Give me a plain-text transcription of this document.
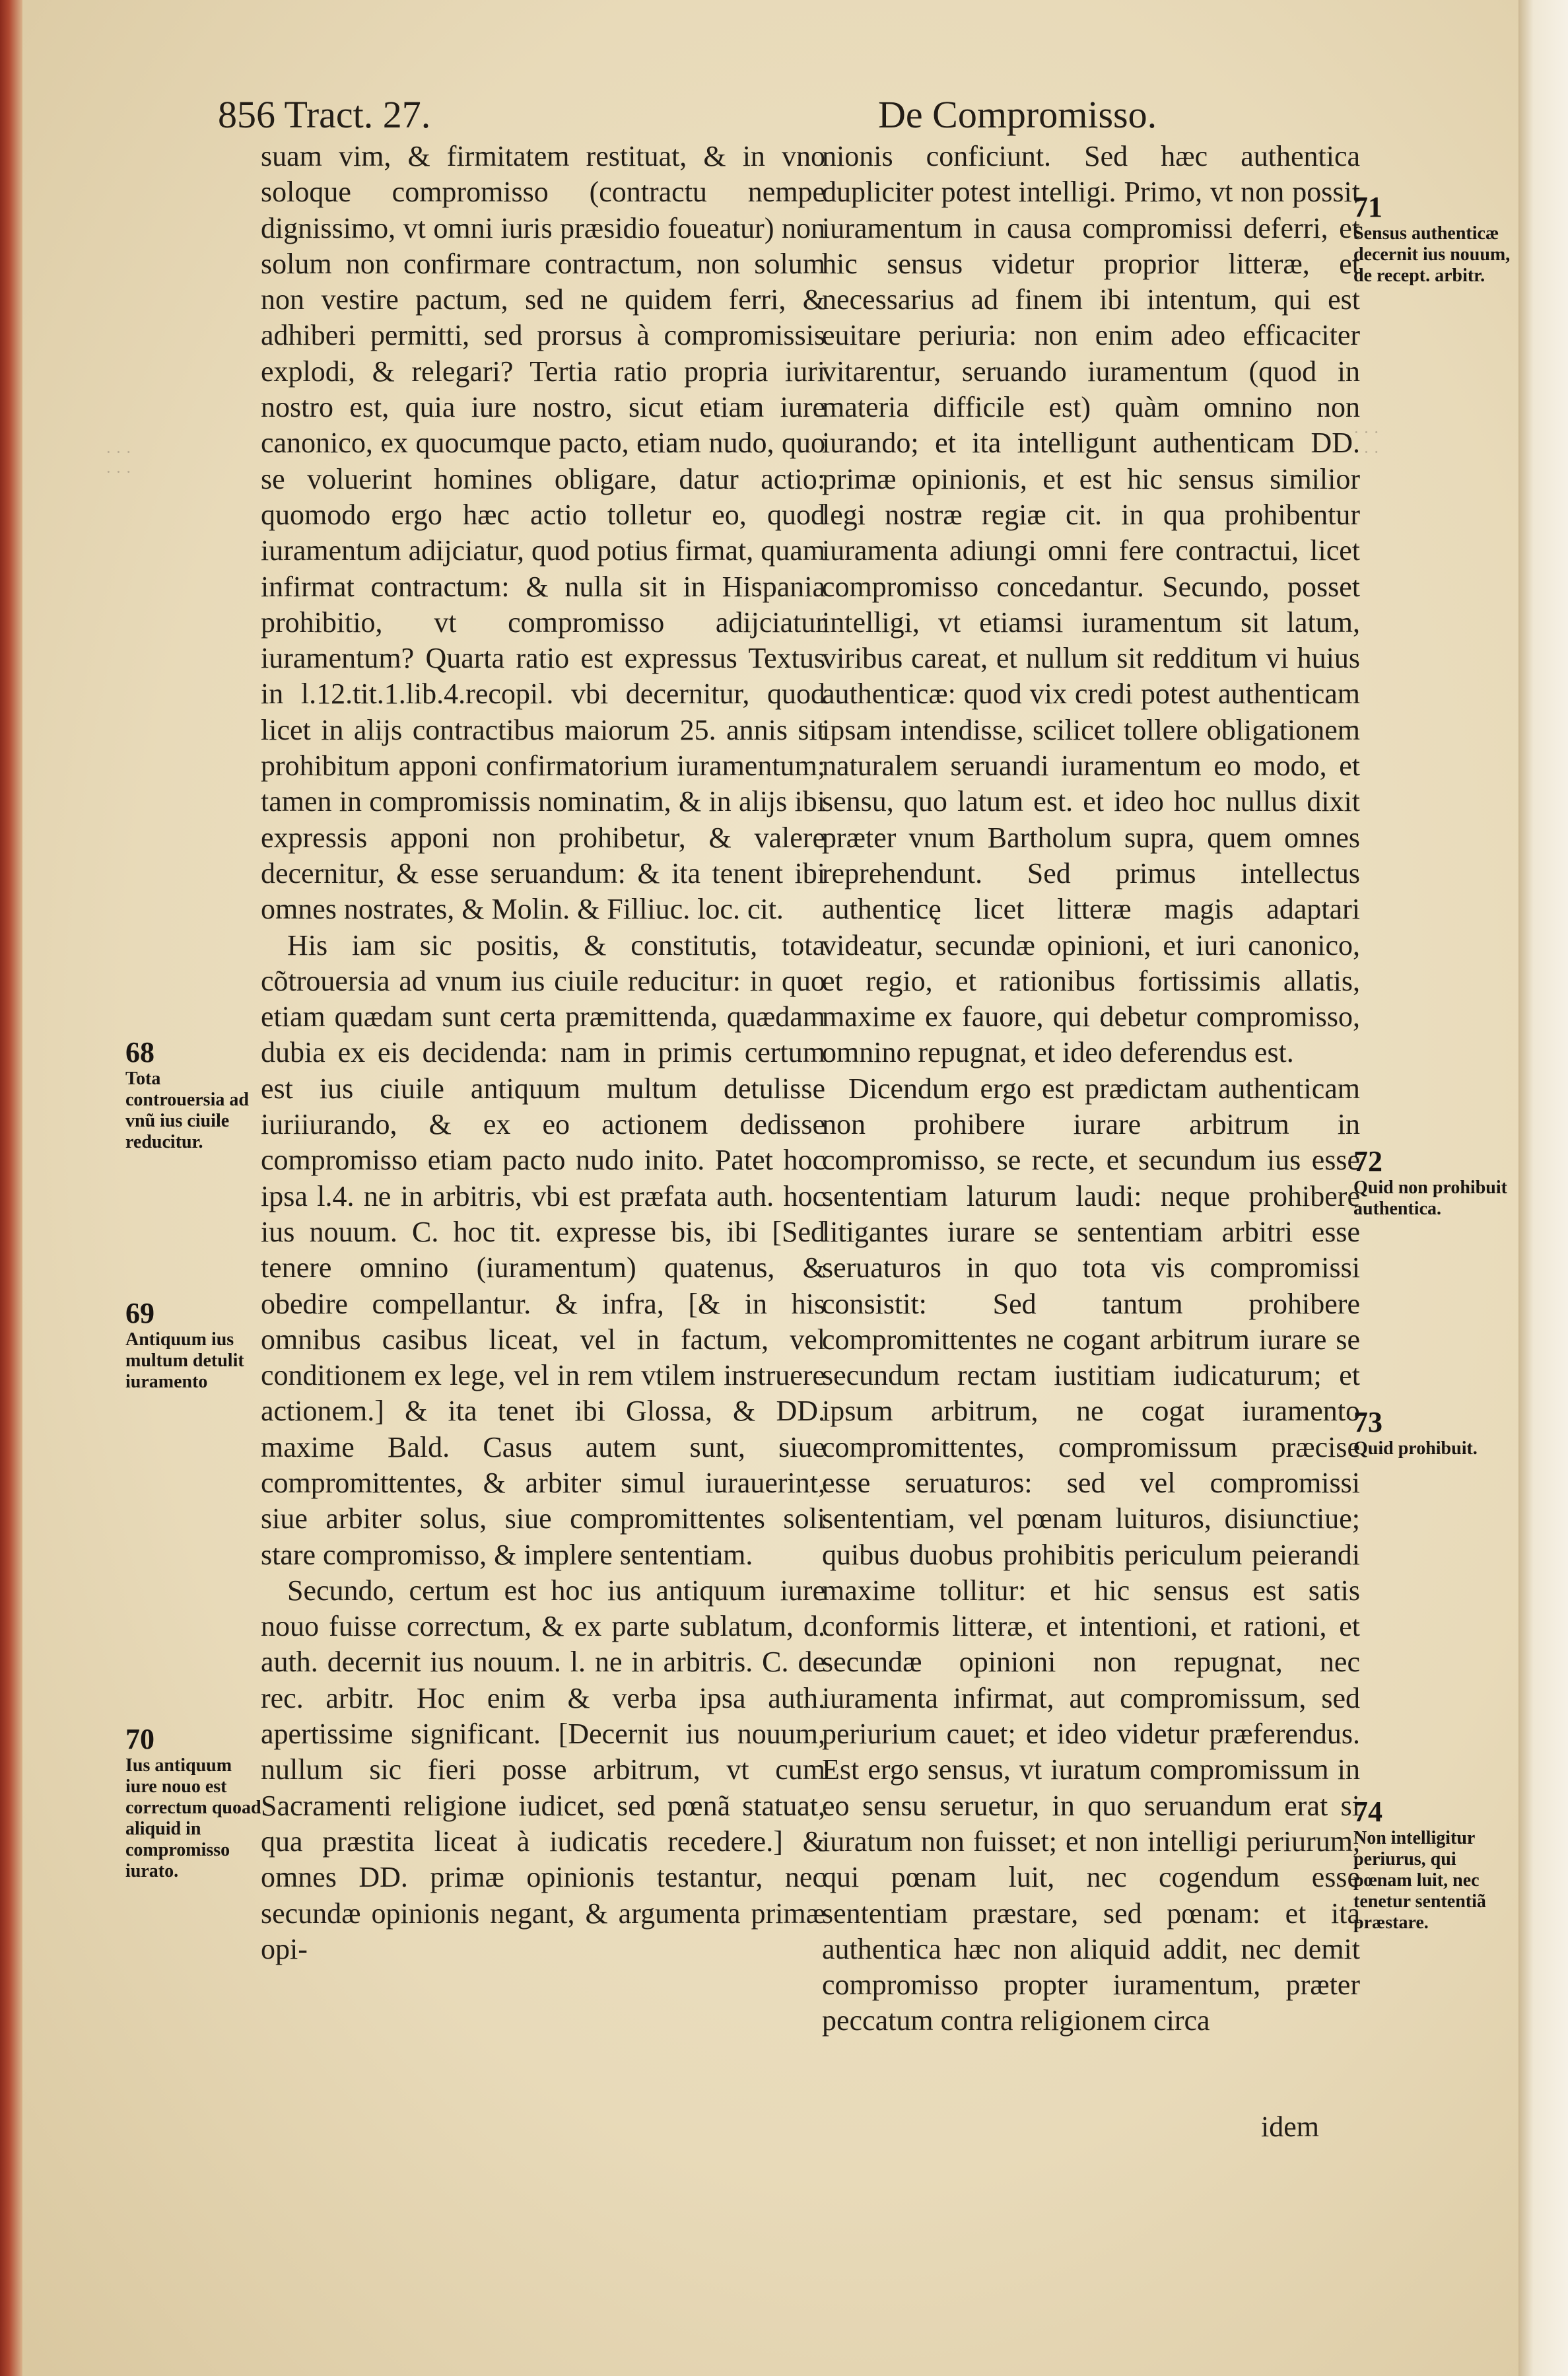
· · ·
· · ·
· · ·
· · ·
856 Tract. 27.	De Compromisso.

suam vim, & firmitatem restituat, & in vno soloque compromisso (contractu nempe dignissimo, vt omni iuris præsidio foueatur) non solum non confirmare contractum, non solum non vestire pactum, sed ne quidem ferri, & adhiberi permitti, sed prorsus à compromissis explodi, & relegari? Tertia ratio propria iuri nostro est, quia iure nostro, sicut etiam iure canonico, ex quocumque pacto, etiam nudo, quo se voluerint homines obligare, datur actio: quomodo ergo hæc actio tolletur eo, quod iuramentum adijciatur, quod potius firmat, quam infirmat contractum: & nulla sit in Hispania prohibitio, vt compromisso adijciatur iuramentum? Quarta ratio est expressus Textus in l.12.tit.1.lib.4.recopil. vbi decernitur, quod licet in alijs contractibus maiorum 25. annis sit prohibitum apponi confirmatorium iuramentum; tamen in compromissis nominatim, & in alijs ibi expressis apponi non prohibetur, & valere decernitur, & esse seruandum: & ita tenent ibi omnes nostrates, & Molin. & Filliuc. loc. cit.

His iam sic positis, & constitutis, tota cõtrouersia ad vnum ius ciuile reducitur: in quo etiam quædam sunt certa præmittenda, quædam dubia ex eis decidenda: nam in primis certum est ius ciuile antiquum multum detulisse iuriiurando, & ex eo actionem dedisse compromisso etiam pacto nudo inito. Patet hoc ipsa l.4. ne in arbitris, vbi est præfata auth. hoc ius nouum. C. hoc tit. expresse bis, ibi [Sed tenere omnino (iuramentum) quatenus, & obedire compellantur. & infra, [& in his omnibus casibus liceat, vel in factum, vel conditionem ex lege, vel in rem vtilem instruere actionem.] & ita tenet ibi Glossa, & DD. maxime Bald. Casus autem sunt, siue compromittentes, & arbiter simul iurauerint, siue arbiter solus, siue compromittentes soli stare compromisso, & implere sententiam.

Secundo, certum est hoc ius antiquum iure nouo fuisse correctum, & ex parte sublatum, d. auth. decernit ius nouum. l. ne in arbitris. C. de rec. arbitr. Hoc enim & verba ipsa auth. apertissime significant. [Decernit ius nouum, nullum sic fieri posse arbitrum, vt cum Sacramenti religione iudicet, sed pœnã statuat, qua præstita liceat à iudicatis recedere.] & omnes DD. primæ opinionis testantur, nec secundæ opinionis negant, & argumenta primæ opi-

nionis conficiunt. Sed hæc authentica dupliciter potest intelligi. Primo, vt non possit iuramentum in causa compromissi deferri, et hic sensus videtur proprior litteræ, et necessarius ad finem ibi intentum, qui est euitare periuria: non enim adeo efficaciter vitarentur, seruando iuramentum (quod in materia difficile est) quàm omnino non iurando; et ita intelligunt authenticam DD. primæ opinionis, et est hic sensus similior legi nostræ regiæ cit. in qua prohibentur iuramenta adiungi omni fere contractui, licet compromisso concedantur. Secundo, posset intelligi, vt etiamsi iuramentum sit latum, viribus careat, et nullum sit redditum vi huius authenticæ: quod vix credi potest authenticam ipsam intendisse, scilicet tollere obligationem naturalem seruandi iuramentum eo modo, et sensu, quo latum est. et ideo hoc nullus dixit præter vnum Bartholum supra, quem omnes reprehendunt. Sed primus intellectus authenticę licet litteræ magis adaptari videatur, secundæ opinioni, et iuri canonico, et regio, et rationibus fortissimis allatis, maxime ex fauore, qui debetur compromisso, omnino repugnat, et ideo deferendus est.

Dicendum ergo est prædictam authenticam non prohibere iurare arbitrum in compromisso, se recte, et secundum ius esse sententiam laturum laudi: neque prohibere litigantes iurare se sententiam arbitri esse seruaturos in quo tota vis compromissi consistit: Sed tantum prohibere compromittentes ne cogant arbitrum iurare se secundum rectam iustitiam iudicaturum; et ipsum arbitrum, ne cogat iuramento compromittentes, compromissum præcise esse seruaturos: sed vel compromissi sententiam, vel pœnam luituros, disiunctiue; quibus duobus prohibitis periculum peierandi maxime tollitur: et hic sensus est satis conformis litteræ, et intentioni, et rationi, et secundæ opinioni non repugnat, nec iuramenta infirmat, aut compromissum, sed periurium cauet; et ideo videtur præferendus. Est ergo sensus, vt iuratum compromissum in eo sensu seruetur, in quo seruandum erat si iuratum non fuisset; et non intelligi periurum, qui pœnam luit, nec cogendum esse sententiam præstare, sed pœnam: et ita authentica hæc non aliquid addit, nec demit compromisso propter iuramentum, præter peccatum contra religionem circa

idem
68
Tota controuersia ad vnũ ius ciuile reducitur.
69
Antiquum ius multum detulit iuramento
70
Ius antiquum iure nouo est correctum quoad aliquid in compromisso iurato.
71
Sensus authenticæ decernit ius nouum, de recept. arbitr.
72
Quid non prohibuit authentica.
73
Quid prohibuit.
74
Non intelligitur periurus, qui pœnam luit, nec tenetur sententiã præstare.
